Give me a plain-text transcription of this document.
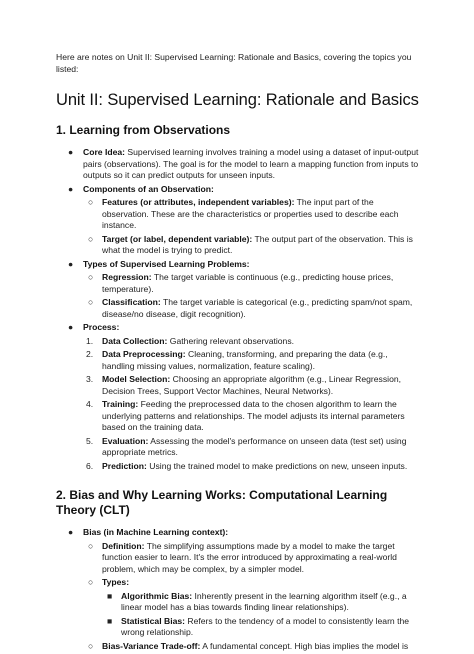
Here are notes on Unit II: Supervised Learning: Rationale and Basics, covering the topics you listed:

Unit II: Supervised Learning: Rationale and Basics
1. Learning from Observations
● Core Idea: Supervised learning involves training a model using a dataset of input-output pairs (observations). The goal is for the model to learn a mapping function from inputs to outputs so it can predict outputs for unseen inputs.
● Components of an Observation:
○ Features (or attributes, independent variables): The input part of the observation. These are the characteristics or properties used to describe each instance.
○ Target (or label, dependent variable): The output part of the observation. This is what the model is trying to predict.
● Types of Supervised Learning Problems:
○ Regression: The target variable is continuous (e.g., predicting house prices, temperature).
○ Classification: The target variable is categorical (e.g., predicting spam/not spam, disease/no disease, digit recognition).
● Process:
1. Data Collection: Gathering relevant observations.
2. Data Preprocessing: Cleaning, transforming, and preparing the data (e.g., handling missing values, normalization, feature scaling).
3. Model Selection: Choosing an appropriate algorithm (e.g., Linear Regression, Decision Trees, Support Vector Machines, Neural Networks).
4. Training: Feeding the preprocessed data to the chosen algorithm to learn the underlying patterns and relationships. The model adjusts its internal parameters based on the training data.
5. Evaluation: Assessing the model's performance on unseen data (test set) using appropriate metrics.
6. Prediction: Using the trained model to make predictions on new, unseen inputs.
2. Bias and Why Learning Works: Computational Learning Theory (CLT)
● Bias (in Machine Learning context):
○ Definition: The simplifying assumptions made by a model to make the target function easier to learn. It's the error introduced by approximating a real-world problem, which may be complex, by a simpler model.
○ Types:
■ Algorithmic Bias: Inherently present in the learning algorithm itself (e.g., a linear model has a bias towards finding linear relationships).
■ Statistical Bias: Refers to the tendency of a model to consistently learn the wrong relationship.
○ Bias-Variance Trade-off: A fundamental concept. High bias implies the model is
